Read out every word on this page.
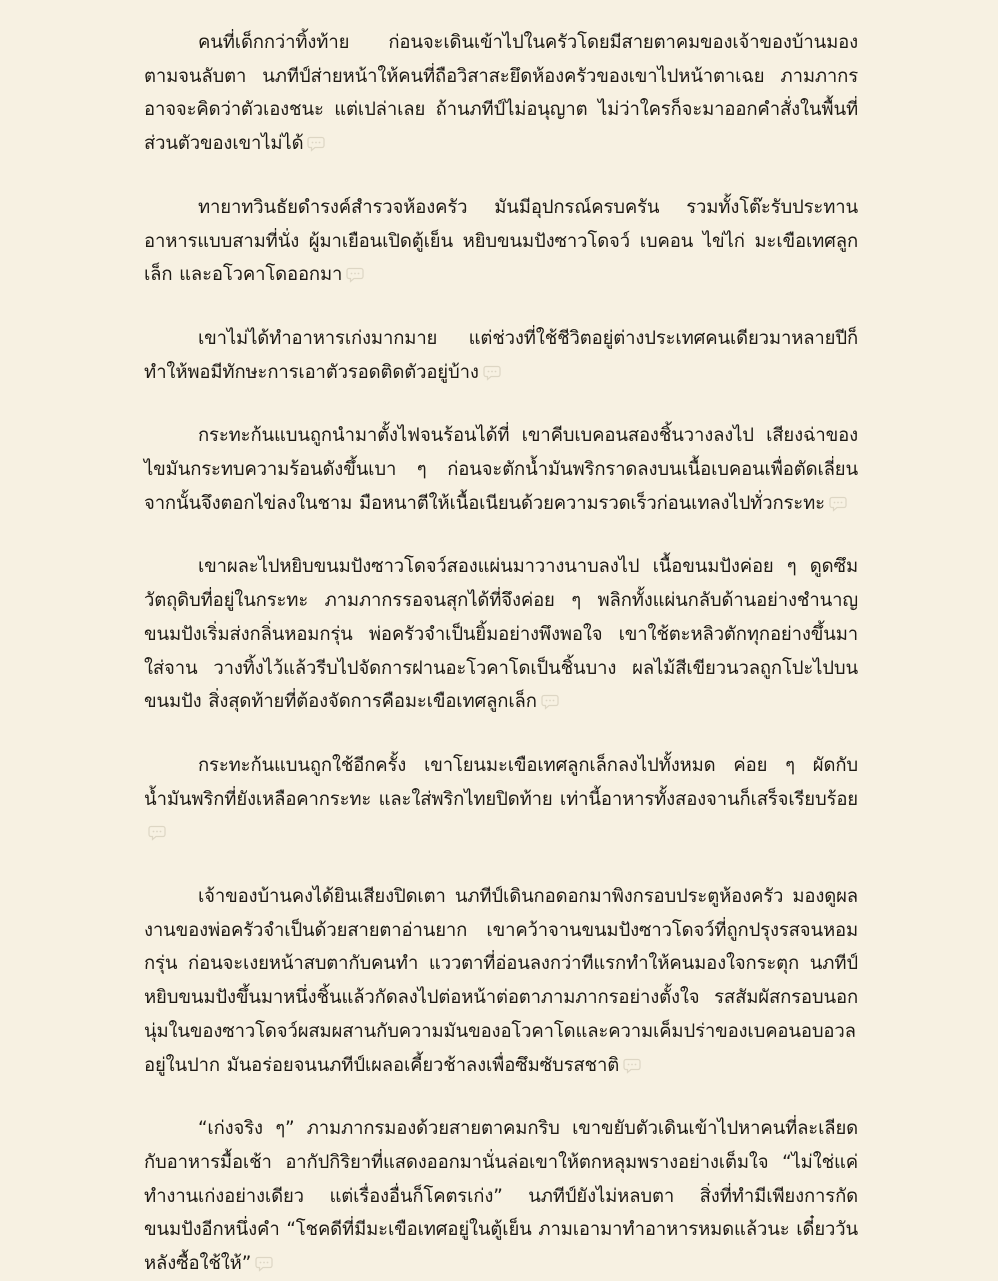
คนที่เด็กกว่าทิ้งท้าย ก่อนจะเดินเข้าไปในครัวโดยมีสายตาคมของเจ้าของบ้านมองตามจนลับตา นภทีป์ส่ายหน้าให้คนที่ถือวิสาสะยึดห้องครัวของเขาไปหน้าตาเฉย ภามภากรอาจจะคิดว่าตัวเองชนะ แต่เปล่าเลย ถ้านภทีป์ไม่อนุญาต ไม่ว่าใครก็จะมาออกคำสั่งในพื้นที่ส่วนตัวของเขาไม่ได้

ทายาทวินธัยดำรงค์สำรวจห้องครัว มันมีอุปกรณ์ครบครัน รวมทั้งโต๊ะรับประทานอาหารแบบสามที่นั่ง ผู้มาเยือนเปิดตู้เย็น หยิบขนมปังซาวโดจว์ เบคอน ไข่ไก่ มะเขือเทศลูกเล็ก และอโวคาโดออกมา

เขาไม่ได้ทำอาหารเก่งมากมาย แต่ช่วงที่ใช้ชีวิตอยู่ต่างประเทศคนเดียวมาหลายปีก็ทำให้พอมีทักษะการเอาตัวรอดติดตัวอยู่บ้าง

กระทะก้นแบนถูกนำมาตั้งไฟจนร้อนได้ที่ เขาคีบเบคอนสองชิ้นวางลงไป เสียงฉ่าของไขมันกระทบความร้อนดังขึ้นเบา ๆ ก่อนจะตักน้ำมันพริกราดลงบนเนื้อเบคอนเพื่อตัดเลี่ยน จากนั้นจึงตอกไข่ลงในชาม มือหนาตีให้เนื้อเนียนด้วยความรวดเร็วก่อนเทลงไปทั่วกระทะ

เขาผละไปหยิบขนมปังซาวโดจว์สองแผ่นมาวางนาบลงไป เนื้อขนมปังค่อย ๆ ดูดซึมวัตถุดิบที่อยู่ในกระทะ ภามภากรรอจนสุกได้ที่จึงค่อย ๆ พลิกทั้งแผ่นกลับด้านอย่างชำนาญ ขนมปังเริ่มส่งกลิ่นหอมกรุ่น พ่อครัวจำเป็นยิ้มอย่างพึงพอใจ เขาใช้ตะหลิวตักทุกอย่างขึ้นมาใส่จาน วางทิ้งไว้แล้วรีบไปจัดการฝานอะโวคาโดเป็นชิ้นบาง ผลไม้สีเขียวนวลถูกโปะไปบนขนมปัง สิ่งสุดท้ายที่ต้องจัดการคือมะเขือเทศลูกเล็ก

กระทะก้นแบนถูกใช้อีกครั้ง เขาโยนมะเขือเทศลูกเล็กลงไปทั้งหมด ค่อย ๆ ผัดกับน้ำมันพริกที่ยังเหลือคากระทะ และใส่พริกไทยปิดท้าย เท่านี้อาหารทั้งสองจานก็เสร็จเรียบร้อย

เจ้าของบ้านคงได้ยินเสียงปิดเตา นภทีป์เดินกอดอกมาพิงกรอบประตูห้องครัว มองดูผลงานของพ่อครัวจำเป็นด้วยสายตาอ่านยาก เขาคว้าจานขนมปังซาวโดจว์ที่ถูกปรุงรสจนหอมกรุ่น ก่อนจะเงยหน้าสบตากับคนทำ แววตาที่อ่อนลงกว่าทีแรกทำให้คนมองใจกระตุก นภทีป์หยิบขนมปังขึ้นมาหนึ่งชิ้นแล้วกัดลงไปต่อหน้าต่อตาภามภากรอย่างตั้งใจ รสสัมผัสกรอบนอกนุ่มในของซาวโดจว์ผสมผสานกับความมันของอโวคาโดและความเค็มปร่าของเบคอนอบอวลอยู่ในปาก มันอร่อยจนนภทีป์เผลอเคี้ยวช้าลงเพื่อซึมซับรสชาติ

“เก่งจริง ๆ” ภามภากรมองด้วยสายตาคมกริบ เขาขยับตัวเดินเข้าไปหาคนที่ละเลียดกับอาหารมื้อเช้า อากัปกิริยาที่แสดงออกมานั่นล่อเขาให้ตกหลุมพรางอย่างเต็มใจ “ไม่ใช่แค่ทำงานเก่งอย่างเดียว แต่เรื่องอื่นก็โคตรเก่ง” นภทีป์ยังไม่หลบตา สิ่งที่ทำมีเพียงการกัดขนมปังอีกหนึ่งคำ “โชคดีที่มีมะเขือเทศอยู่ในตู้เย็น ภามเอามาทำอาหารหมดแล้วนะ เดี๋ยววันหลังซื้อใช้ให้”
